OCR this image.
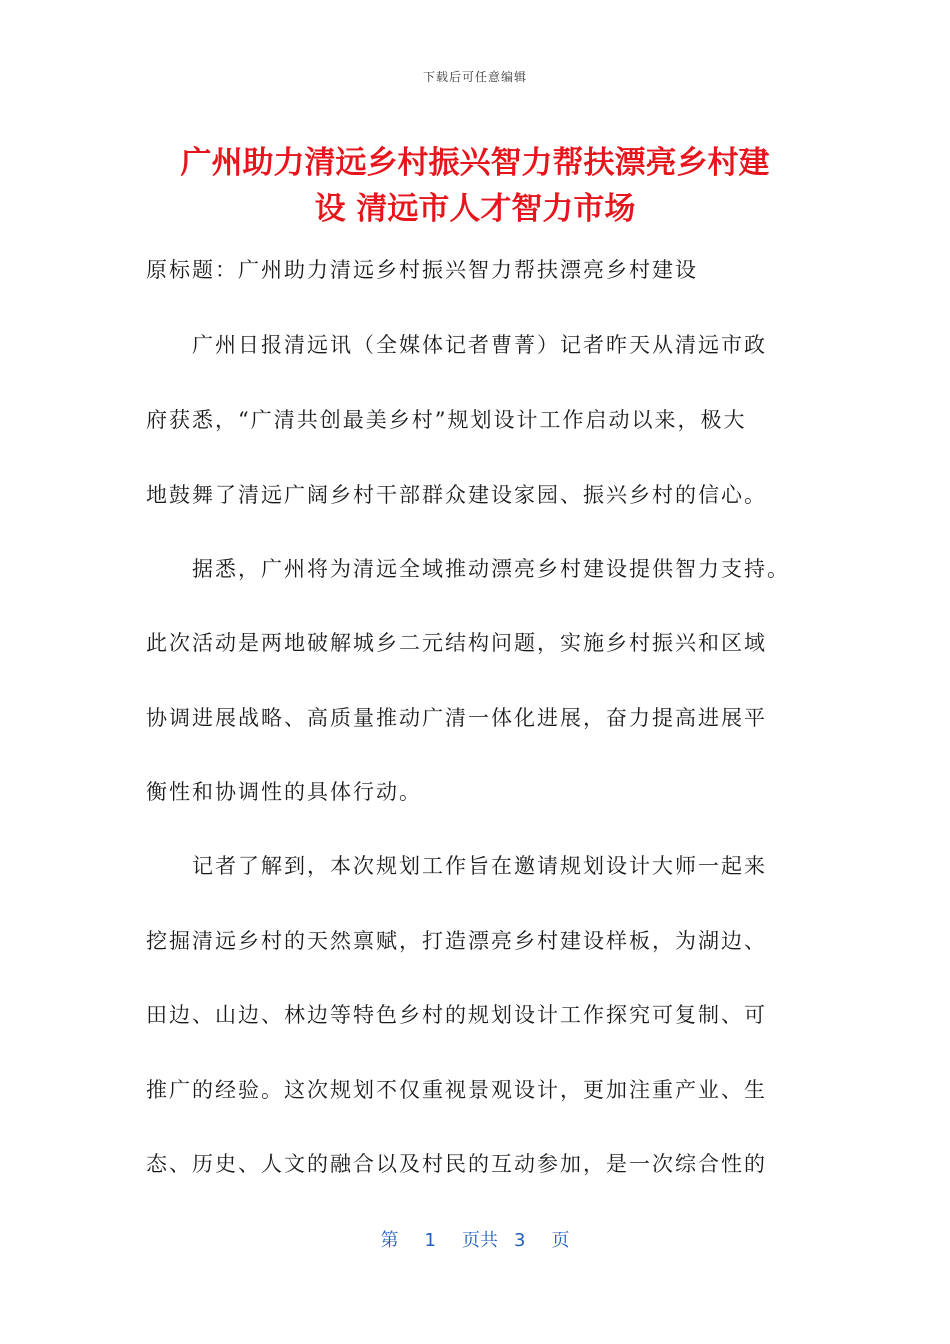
下载后可任意编辑
广州助力清远乡村振兴智力帮扶漂亮乡村建
设 清远市人才智力市场
原标题：广州助力清远乡村振兴智力帮扶漂亮乡村建设
　　广州日报清远讯（全媒体记者曹菁）记者昨天从清远市政
府获悉，“广清共创最美乡村”规划设计工作启动以来，极大
地鼓舞了清远广阔乡村干部群众建设家园、振兴乡村的信心。
　　据悉，广州将为清远全域推动漂亮乡村建设提供智力支持。
此次活动是两地破解城乡二元结构问题，实施乡村振兴和区域
协调进展战略、高质量推动广清一体化进展，奋力提高进展平
衡性和协调性的具体行动。
　　记者了解到，本次规划工作旨在邀请规划设计大师一起来
挖掘清远乡村的天然禀赋，打造漂亮乡村建设样板，为湖边、
田边、山边、林边等特色乡村的规划设计工作探究可复制、可
推广的经验。这次规划不仅重视景观设计，更加注重产业、生
态、历史、人文的融合以及村民的互动参加，是一次综合性的
第 1 页共 3 页
